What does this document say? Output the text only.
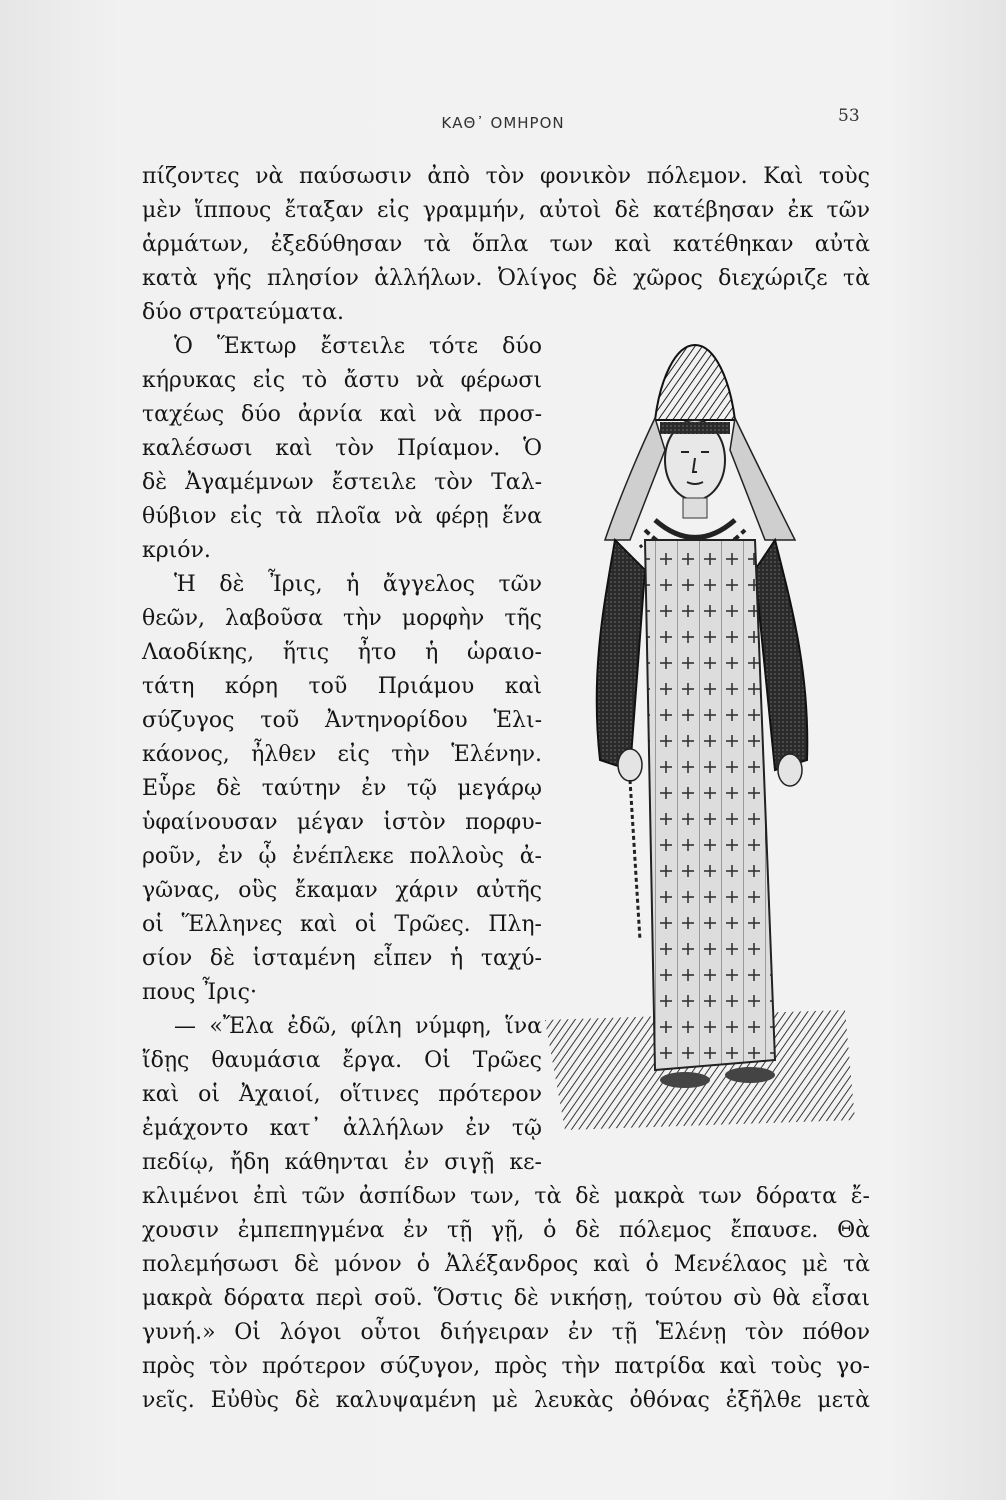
ΚΑΘ᾽ ΟΜΗΡΟΝ	53
πίζοντες νὰ παύσωσιν ἀπὸ τὸν φονικὸν πόλεμον. Καὶ τοὺς
μὲν ἵππους ἔταξαν εἰς γραμμήν, αὐτοὶ δὲ κατέβησαν ἐκ τῶν
ἁρμάτων, ἐξεδύθησαν τὰ ὅπλα των καὶ κατέθηκαν αὐτὰ
κατὰ γῆς πλησίον ἀλλήλων. Ὀλίγος δὲ χῶρος διεχώριζε τὰ
δύο στρατεύματα.
Ὁ Ἕκτωρ ἔστειλε τότε δύο
κήρυκας εἰς τὸ ἄστυ νὰ φέρωσι
ταχέως δύο ἀρνία καὶ νὰ προσ-
καλέσωσι καὶ τὸν Πρίαμον. Ὁ
δὲ Ἀγαμέμνων ἔστειλε τὸν Ταλ-
θύβιον εἰς τὰ πλοῖα νὰ φέρῃ ἕνα
κριόν.
Ἡ δὲ Ἶρις, ἡ ἄγγελος τῶν
θεῶν, λαβοῦσα τὴν μορφὴν τῆς
Λαοδίκης, ἥτις ἦτο ἡ ὡραιο-
τάτη κόρη τοῦ Πριάμου καὶ
σύζυγος τοῦ Ἀντηνορίδου Ἑλι-
κάονος, ἦλθεν εἰς τὴν Ἑλένην.
Εὗρε δὲ ταύτην ἐν τῷ μεγάρῳ
ὑφαίνουσαν μέγαν ἱστὸν πορφυ-
ροῦν, ἐν ᾧ ἐνέπλεκε πολλοὺς ἀ-
γῶνας, οὓς ἔκαμαν χάριν αὐτῆς
οἱ Ἕλληνες καὶ οἱ Τρῶες. Πλη-
σίον δὲ ἱσταμένη εἶπεν ἡ ταχύ-
πους Ἶρις·
— «Ἔλα ἐδῶ, φίλη νύμφη, ἵνα
ἴδῃς θαυμάσια ἔργα. Οἱ Τρῶες
καὶ οἱ Ἀχαιοί, οἵτινες πρότερον
ἐμάχοντο κατ᾽ ἀλλήλων ἐν τῷ
πεδίῳ, ἤδη κάθηνται ἐν σιγῇ κε-
κλιμένοι ἐπὶ τῶν ἀσπίδων των, τὰ δὲ μακρὰ των δόρατα ἔ-
χουσιν ἐμπεπηγμένα ἐν τῇ γῇ, ὁ δὲ πόλεμος ἔπαυσε. Θὰ
πολεμήσωσι δὲ μόνον ὁ Ἀλέξανδρος καὶ ὁ Μενέλαος μὲ τὰ
μακρὰ δόρατα περὶ σοῦ. Ὅστις δὲ νικήσῃ, τούτου σὺ θὰ εἶσαι
γυνή.» Οἱ λόγοι οὗτοι διήγειραν ἐν τῇ Ἑλένῃ τὸν πόθον
πρὸς τὸν πρότερον σύζυγον, πρὸς τὴν πατρίδα καὶ τοὺς γο-
νεῖς. Εὐθὺς δὲ καλυψαμένη μὲ λευκὰς ὀθόνας ἐξῆλθε μετὰ
